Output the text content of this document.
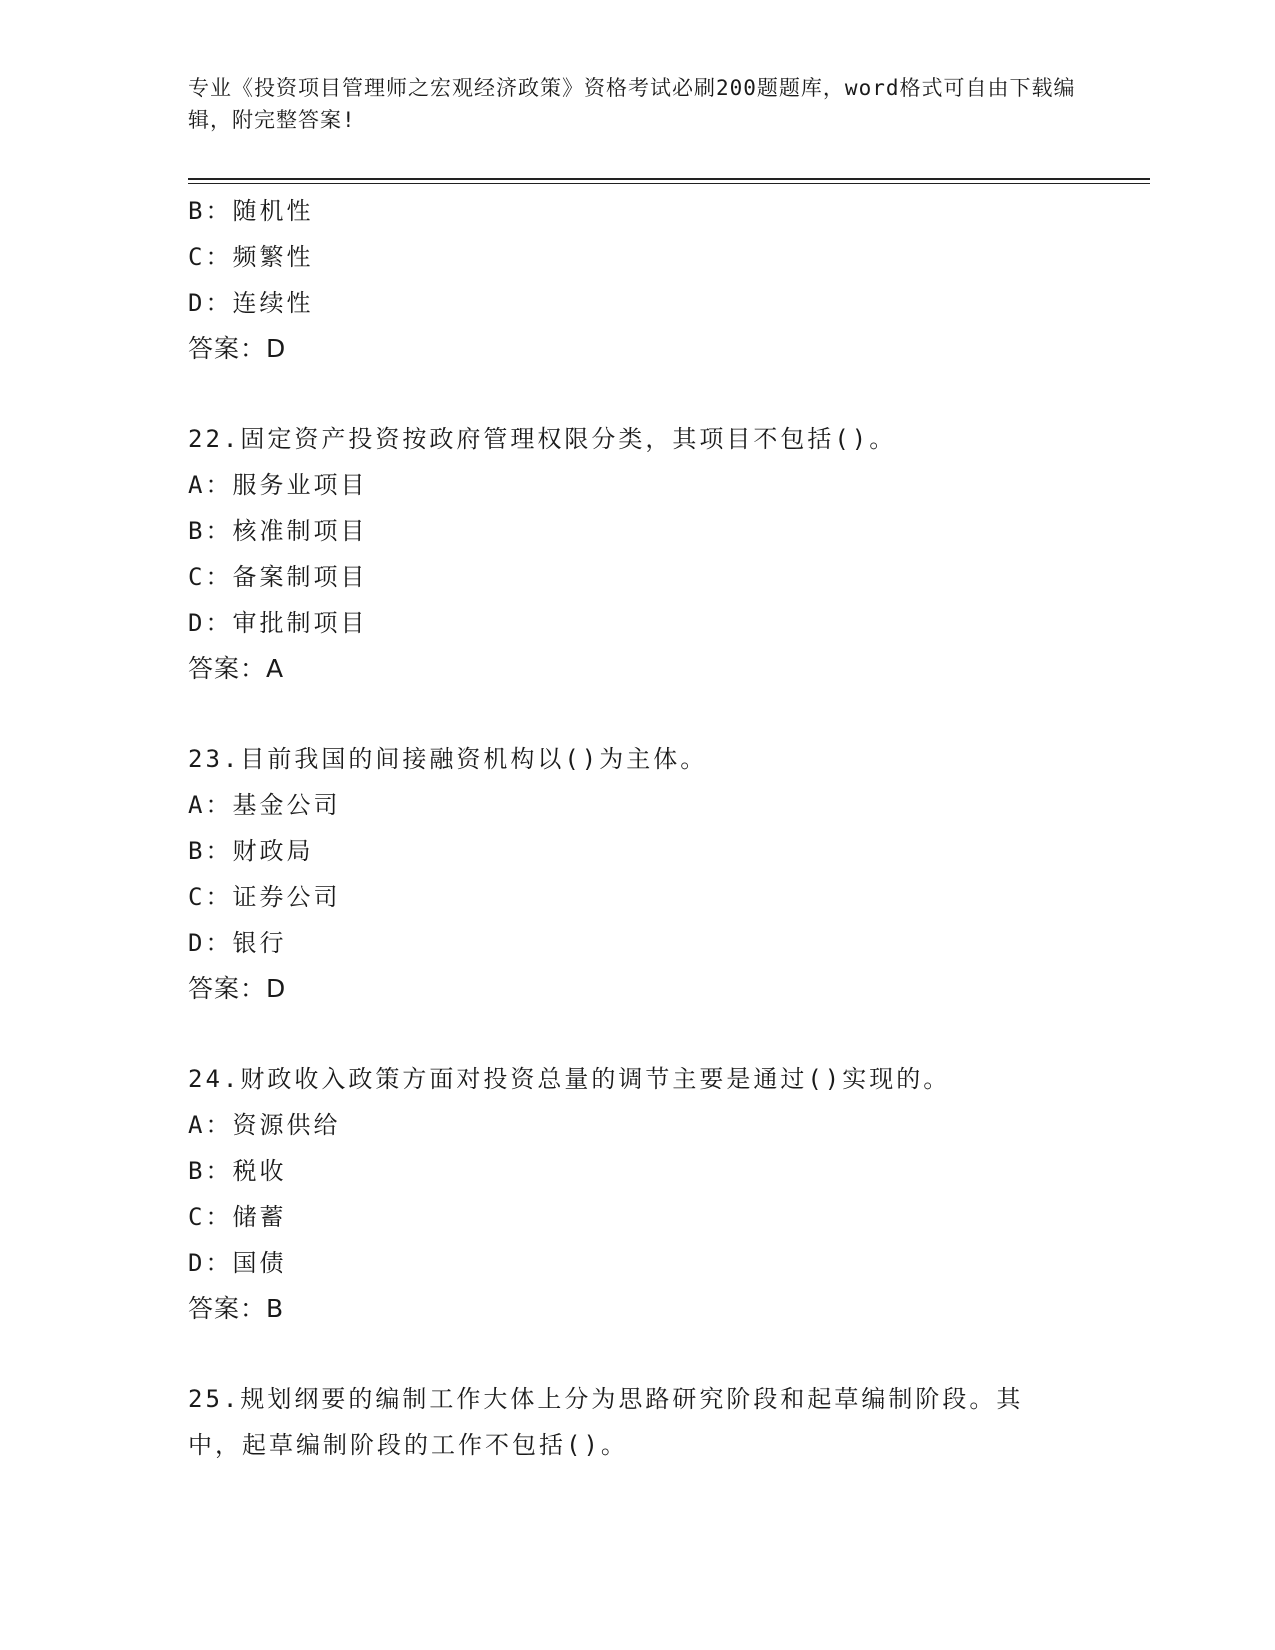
专业《投资项目管理师之宏观经济政策》资格考试必刷200题题库，word格式可自由下载编辑，附完整答案!
B：随机性
C：频繁性
D：连续性
答案：D
22.固定资产投资按政府管理权限分类，其项目不包括()。
A：服务业项目
B：核准制项目
C：备案制项目
D：审批制项目
答案：A
23.目前我国的间接融资机构以()为主体。
A：基金公司
B：财政局
C：证券公司
D：银行
答案：D
24.财政收入政策方面对投资总量的调节主要是通过()实现的。
A：资源供给
B：税收
C：储蓄
D：国债
答案：B
25.规划纲要的编制工作大体上分为思路研究阶段和起草编制阶段。其中，起草编制阶段的工作不包括()。
